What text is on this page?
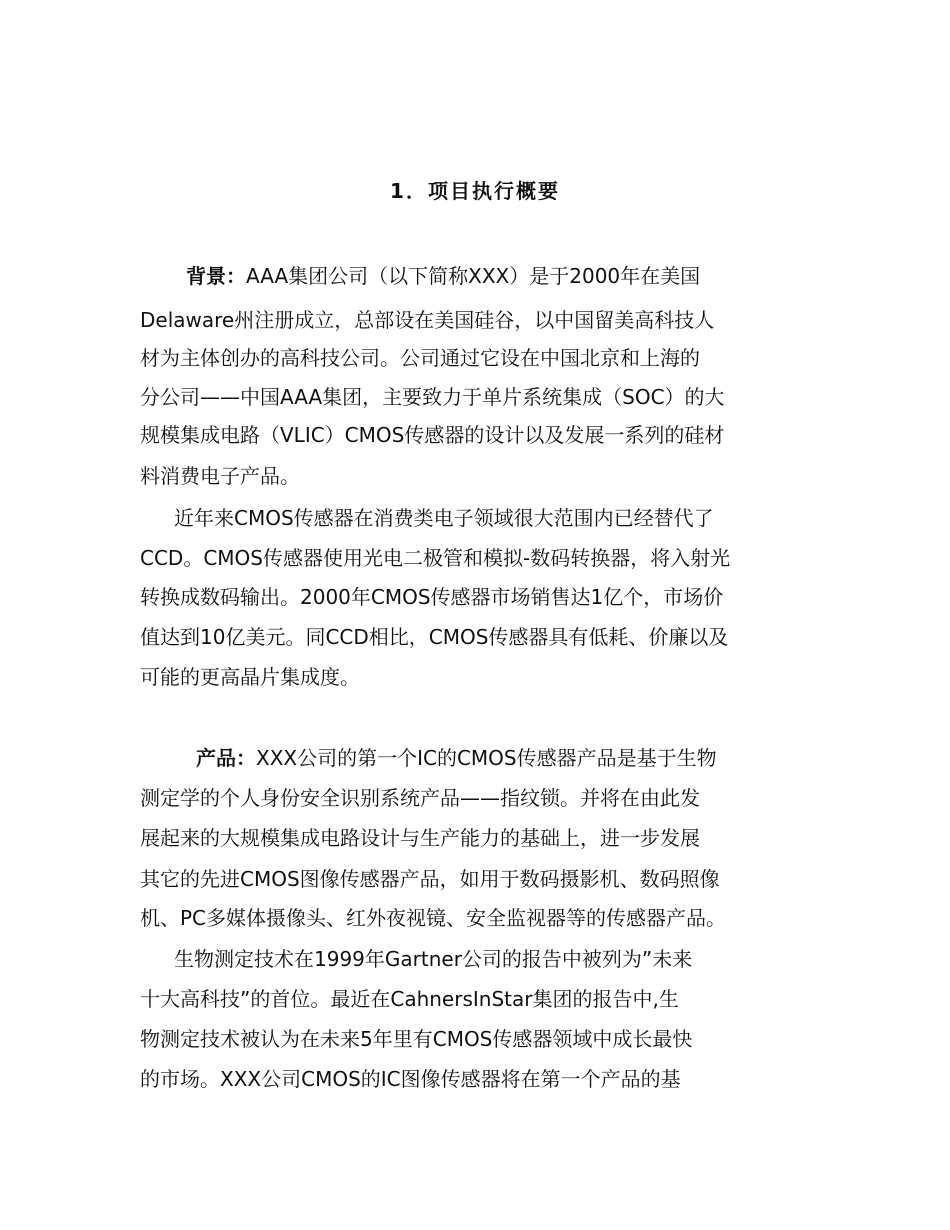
1．项目执行概要
背景：AAA集团公司（以下简称XXX）是于2000年在美国
Delaware州注册成立，总部设在美国硅谷，以中国留美高科技人
材为主体创办的高科技公司。公司通过它设在中国北京和上海的
分公司——中国AAA集团，主要致力于单片系统集成（SOC）的大
规模集成电路（VLIC）CMOS传感器的设计以及发展一系列的硅材
料消费电子产品。
近年来CMOS传感器在消费类电子领域很大范围内已经替代了
CCD。CMOS传感器使用光电二极管和模拟-数码转换器，将入射光
转换成数码输出。2000年CMOS传感器市场销售达1亿个，市场价
值达到10亿美元。同CCD相比，CMOS传感器具有低耗、价廉以及
可能的更高晶片集成度。
产品：XXX公司的第一个IC的CMOS传感器产品是基于生物
测定学的个人身份安全识别系统产品——指纹锁。并将在由此发
展起来的大规模集成电路设计与生产能力的基础上，进一步发展
其它的先进CMOS图像传感器产品，如用于数码摄影机、数码照像
机、PC多媒体摄像头、红外夜视镜、安全监视器等的传感器产品。
生物测定技术在1999年Gartner公司的报告中被列为”未来
十大高科技”的首位。最近在CahnersInStar集团的报告中,生
物测定技术被认为在未来5年里有CMOS传感器领域中成长最快
的市场。XXX公司CMOS的IC图像传感器将在第一个产品的基
